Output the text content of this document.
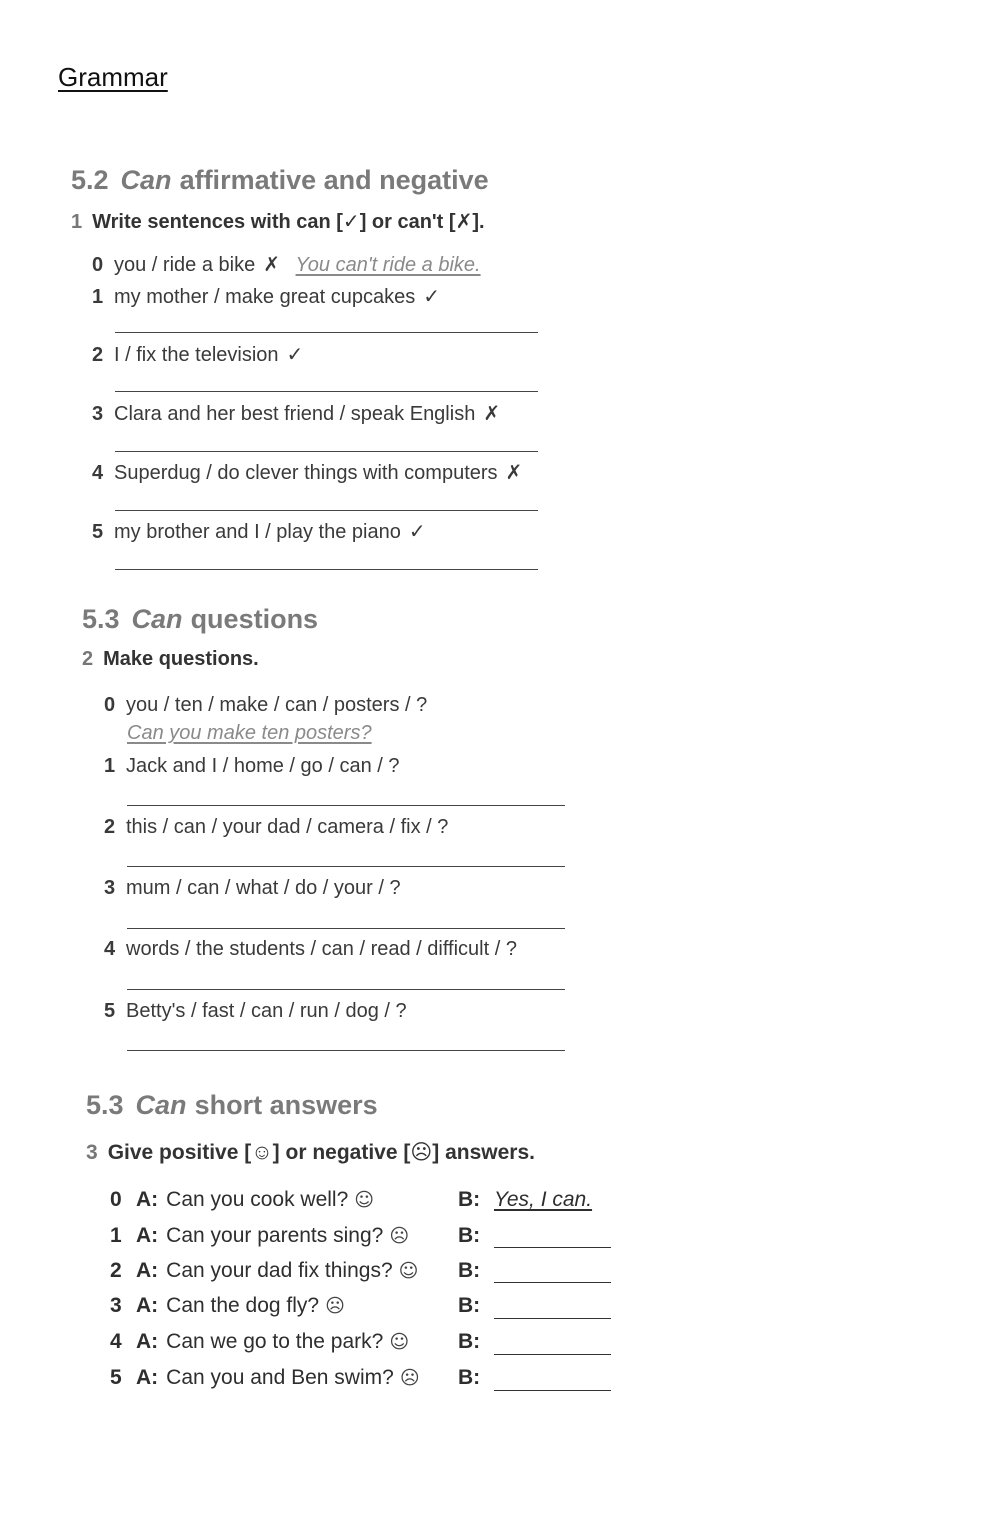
Grammar
5.2 Can affirmative and negative
1 Write sentences with can [✓] or can't [✗].
0 you / ride a bike ✗ You can't ride a bike.
1 my mother / make great cupcakes ✓
2 I / fix the television ✓
3 Clara and her best friend / speak English ✗
4 Superdug / do clever things with computers ✗
5 my brother and I / play the piano ✓
5.3 Can questions
2 Make questions.
0 you / ten / make / can / posters / ?
Can you make ten posters?
1 Jack and I / home / go / can / ?
2 this / can / your dad / camera / fix / ?
3 mum / can / what / do / your / ?
4 words / the students / can / read / difficult / ?
5 Betty's / fast / can / run / dog / ?
5.3 Can short answers
3 Give positive [☺] or negative [☹] answers.
0 A: Can you cook well? ☺	B: Yes, I can.
1 A: Can your parents sing? ☹ B:
2 A: Can your dad fix things? ☺ B:
3 A: Can the dog fly? ☹	B:
4 A: Can we go to the park? ☺ B:
5 A: Can you and Ben swim? ☹ B:
